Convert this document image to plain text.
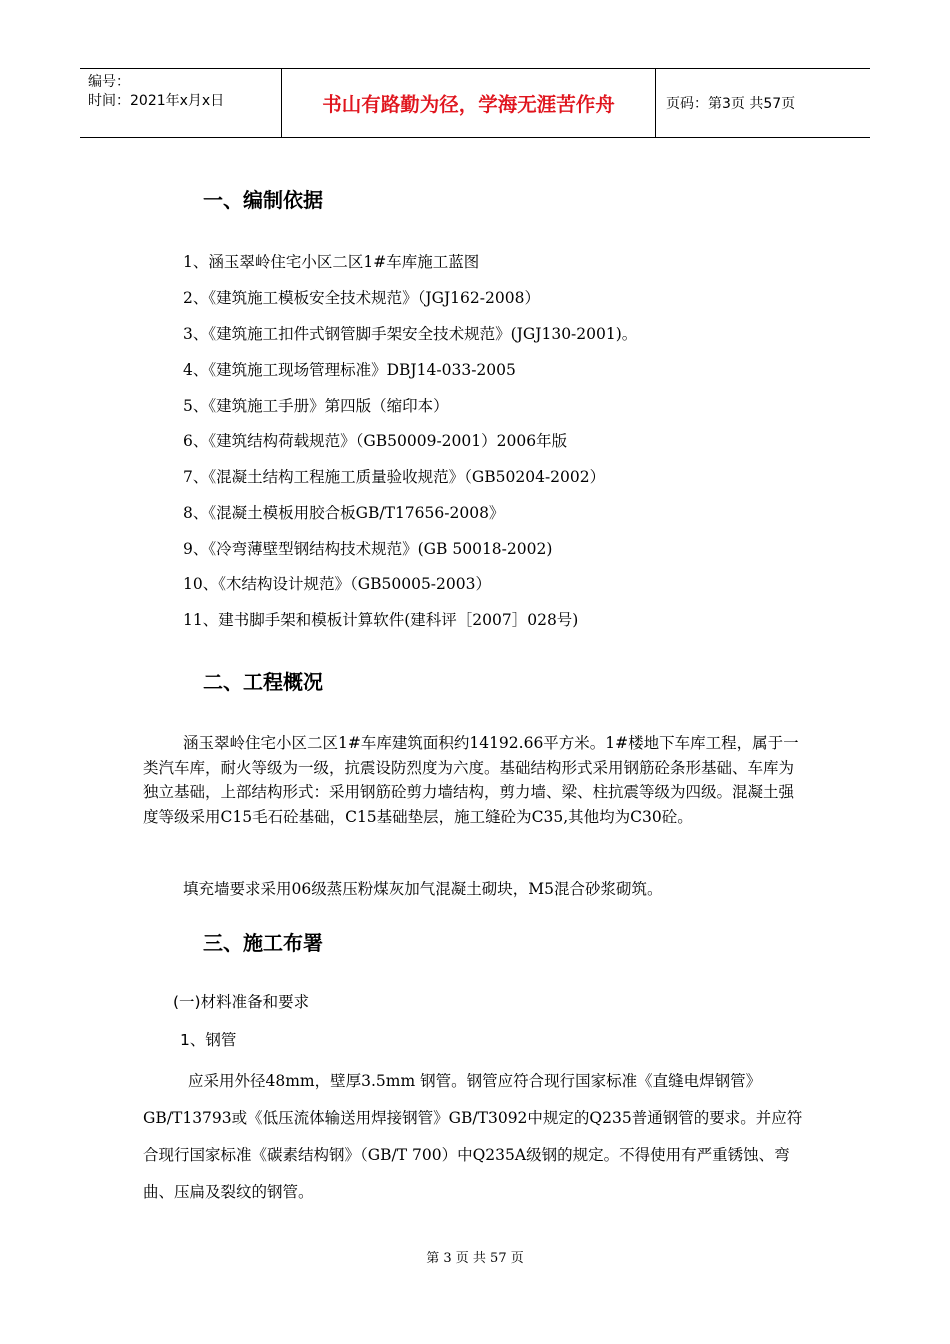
编号：
时间：2021年x月x日	书山有路勤为径，学海无涯苦作舟	页码：第3页 共57页
一、编制依据
1、涵玉翠岭住宅小区二区1#车库施工蓝图
2、《建筑施工模板安全技术规范》（JGJ162-2008）
3、《建筑施工扣件式钢管脚手架安全技术规范》(JGJ130-2001)。
4、《建筑施工现场管理标准》DBJ14-033-2005
5、《建筑施工手册》第四版（缩印本）
6、《建筑结构荷载规范》（GB50009-2001）2006年版
7、《混凝土结构工程施工质量验收规范》（GB50204-2002）
8、《混凝土模板用胶合板GB/T17656-2008》
9、《冷弯薄壁型钢结构技术规范》(GB 50018-2002)
10、《木结构设计规范》（GB50005-2003）
11、建书脚手架和模板计算软件(建科评［2007］028号)
二、工程概况

涵玉翠岭住宅小区二区1#车库建筑面积约14192.66平方米。1#楼地下车库工程，属于一类汽车库，耐火等级为一级，抗震设防烈度为六度。基础结构形式采用钢筋砼条形基础、车库为独立基础，上部结构形式：采用钢筋砼剪力墙结构，剪力墙、梁、柱抗震等级为四级。混凝土强度等级采用C15毛石砼基础，C15基础垫层，施工缝砼为C35,其他均为C30砼。

填充墙要求采用06级蒸压粉煤灰加气混凝土砌块，M5混合砂浆砌筑。

三、施工布署
(一)材料准备和要求
1、钢管

应采用外径48mm，壁厚3.5mm 钢管。钢管应符合现行国家标准《直缝电焊钢管》GB/T13793或《低压流体输送用焊接钢管》GB/T3092中规定的Q235普通钢管的要求。并应符合现行国家标准《碳素结构钢》（GB/T 700）中Q235A级钢的规定。不得使用有严重锈蚀、弯曲、压扁及裂纹的钢管。

第 3 页 共 57 页
